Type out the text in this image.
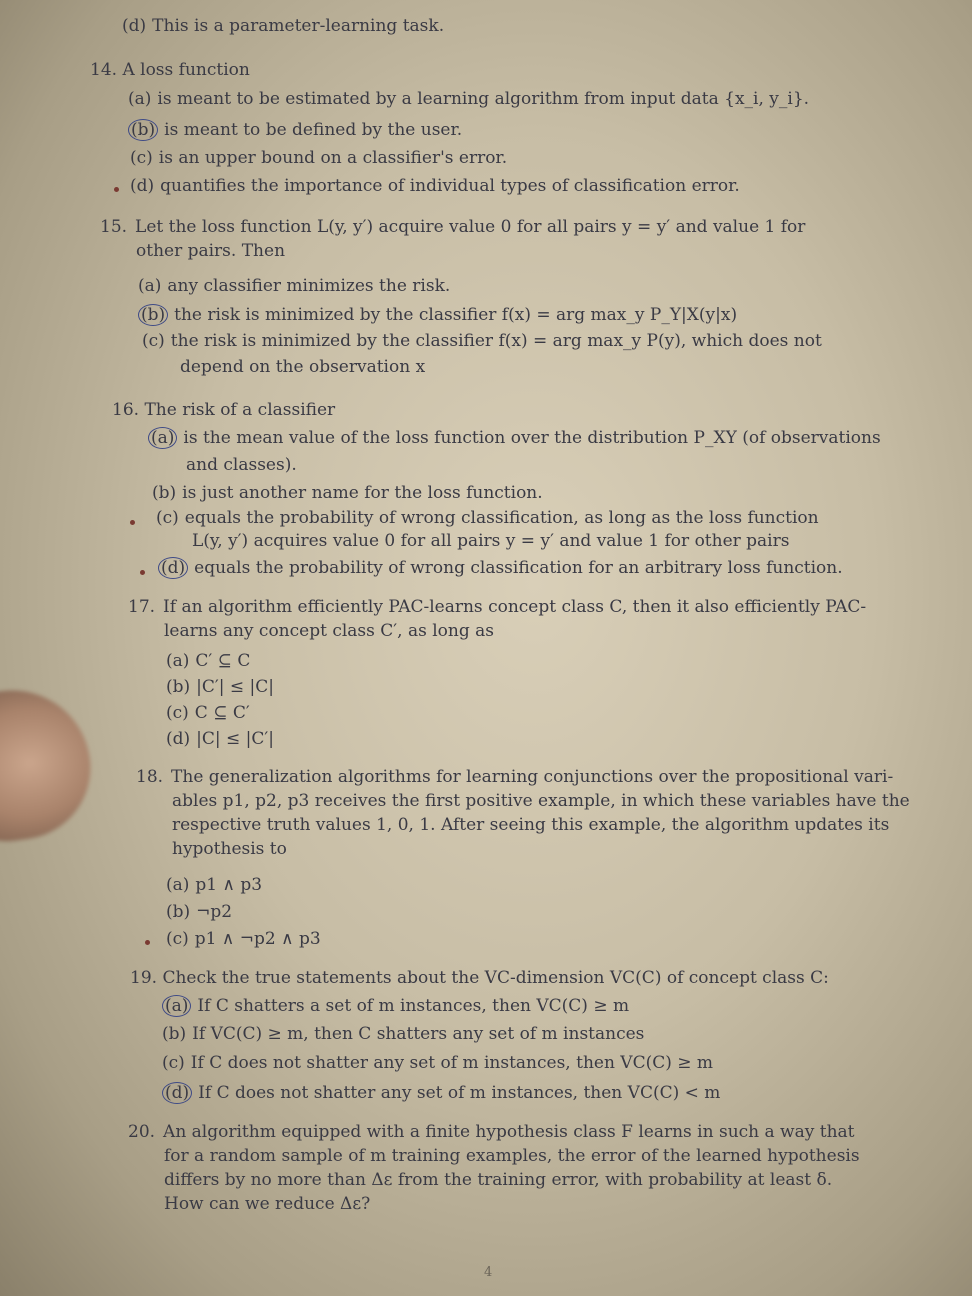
(d) This is a parameter-learning task.
14. A loss function
(a) is meant to be estimated by a learning algorithm from input data {x_i, y_i}.
(b) is meant to be defined by the user.
(c) is an upper bound on a classifier's error.
(d) quantifies the importance of individual types of classification error.
15. Let the loss function L(y, y′) acquire value 0 for all pairs y = y′ and value 1 for
other pairs. Then
(a) any classifier minimizes the risk.
(b) the risk is minimized by the classifier f(x) = arg max_y P_Y|X(y|x)
(c) the risk is minimized by the classifier f(x) = arg max_y P(y), which does not
depend on the observation x
16. The risk of a classifier
(a) is the mean value of the loss function over the distribution P_XY (of observations
and classes).
(b) is just another name for the loss function.
(c) equals the probability of wrong classification, as long as the loss function
L(y, y′) acquires value 0 for all pairs y = y′ and value 1 for other pairs
(d) equals the probability of wrong classification for an arbitrary loss function.
17. If an algorithm efficiently PAC-learns concept class C, then it also efficiently PAC-
learns any concept class C′, as long as
(a) C′ ⊆ C
(b) |C′| ≤ |C|
(c) C ⊆ C′
(d) |C| ≤ |C′|
18. The generalization algorithms for learning conjunctions over the propositional vari-
ables p1, p2, p3 receives the first positive example, in which these variables have the
respective truth values 1, 0, 1. After seeing this example, the algorithm updates its
hypothesis to
(a) p1 ∧ p3
(b) ¬p2
(c) p1 ∧ ¬p2 ∧ p3
19. Check the true statements about the VC-dimension VC(C) of concept class C:
(a) If C shatters a set of m instances, then VC(C) ≥ m
(b) If VC(C) ≥ m, then C shatters any set of m instances
(c) If C does not shatter any set of m instances, then VC(C) ≥ m
(d) If C does not shatter any set of m instances, then VC(C) < m
20. An algorithm equipped with a finite hypothesis class F learns in such a way that
for a random sample of m training examples, the error of the learned hypothesis
differs by no more than Δε from the training error, with probability at least δ.
How can we reduce Δε?
4
